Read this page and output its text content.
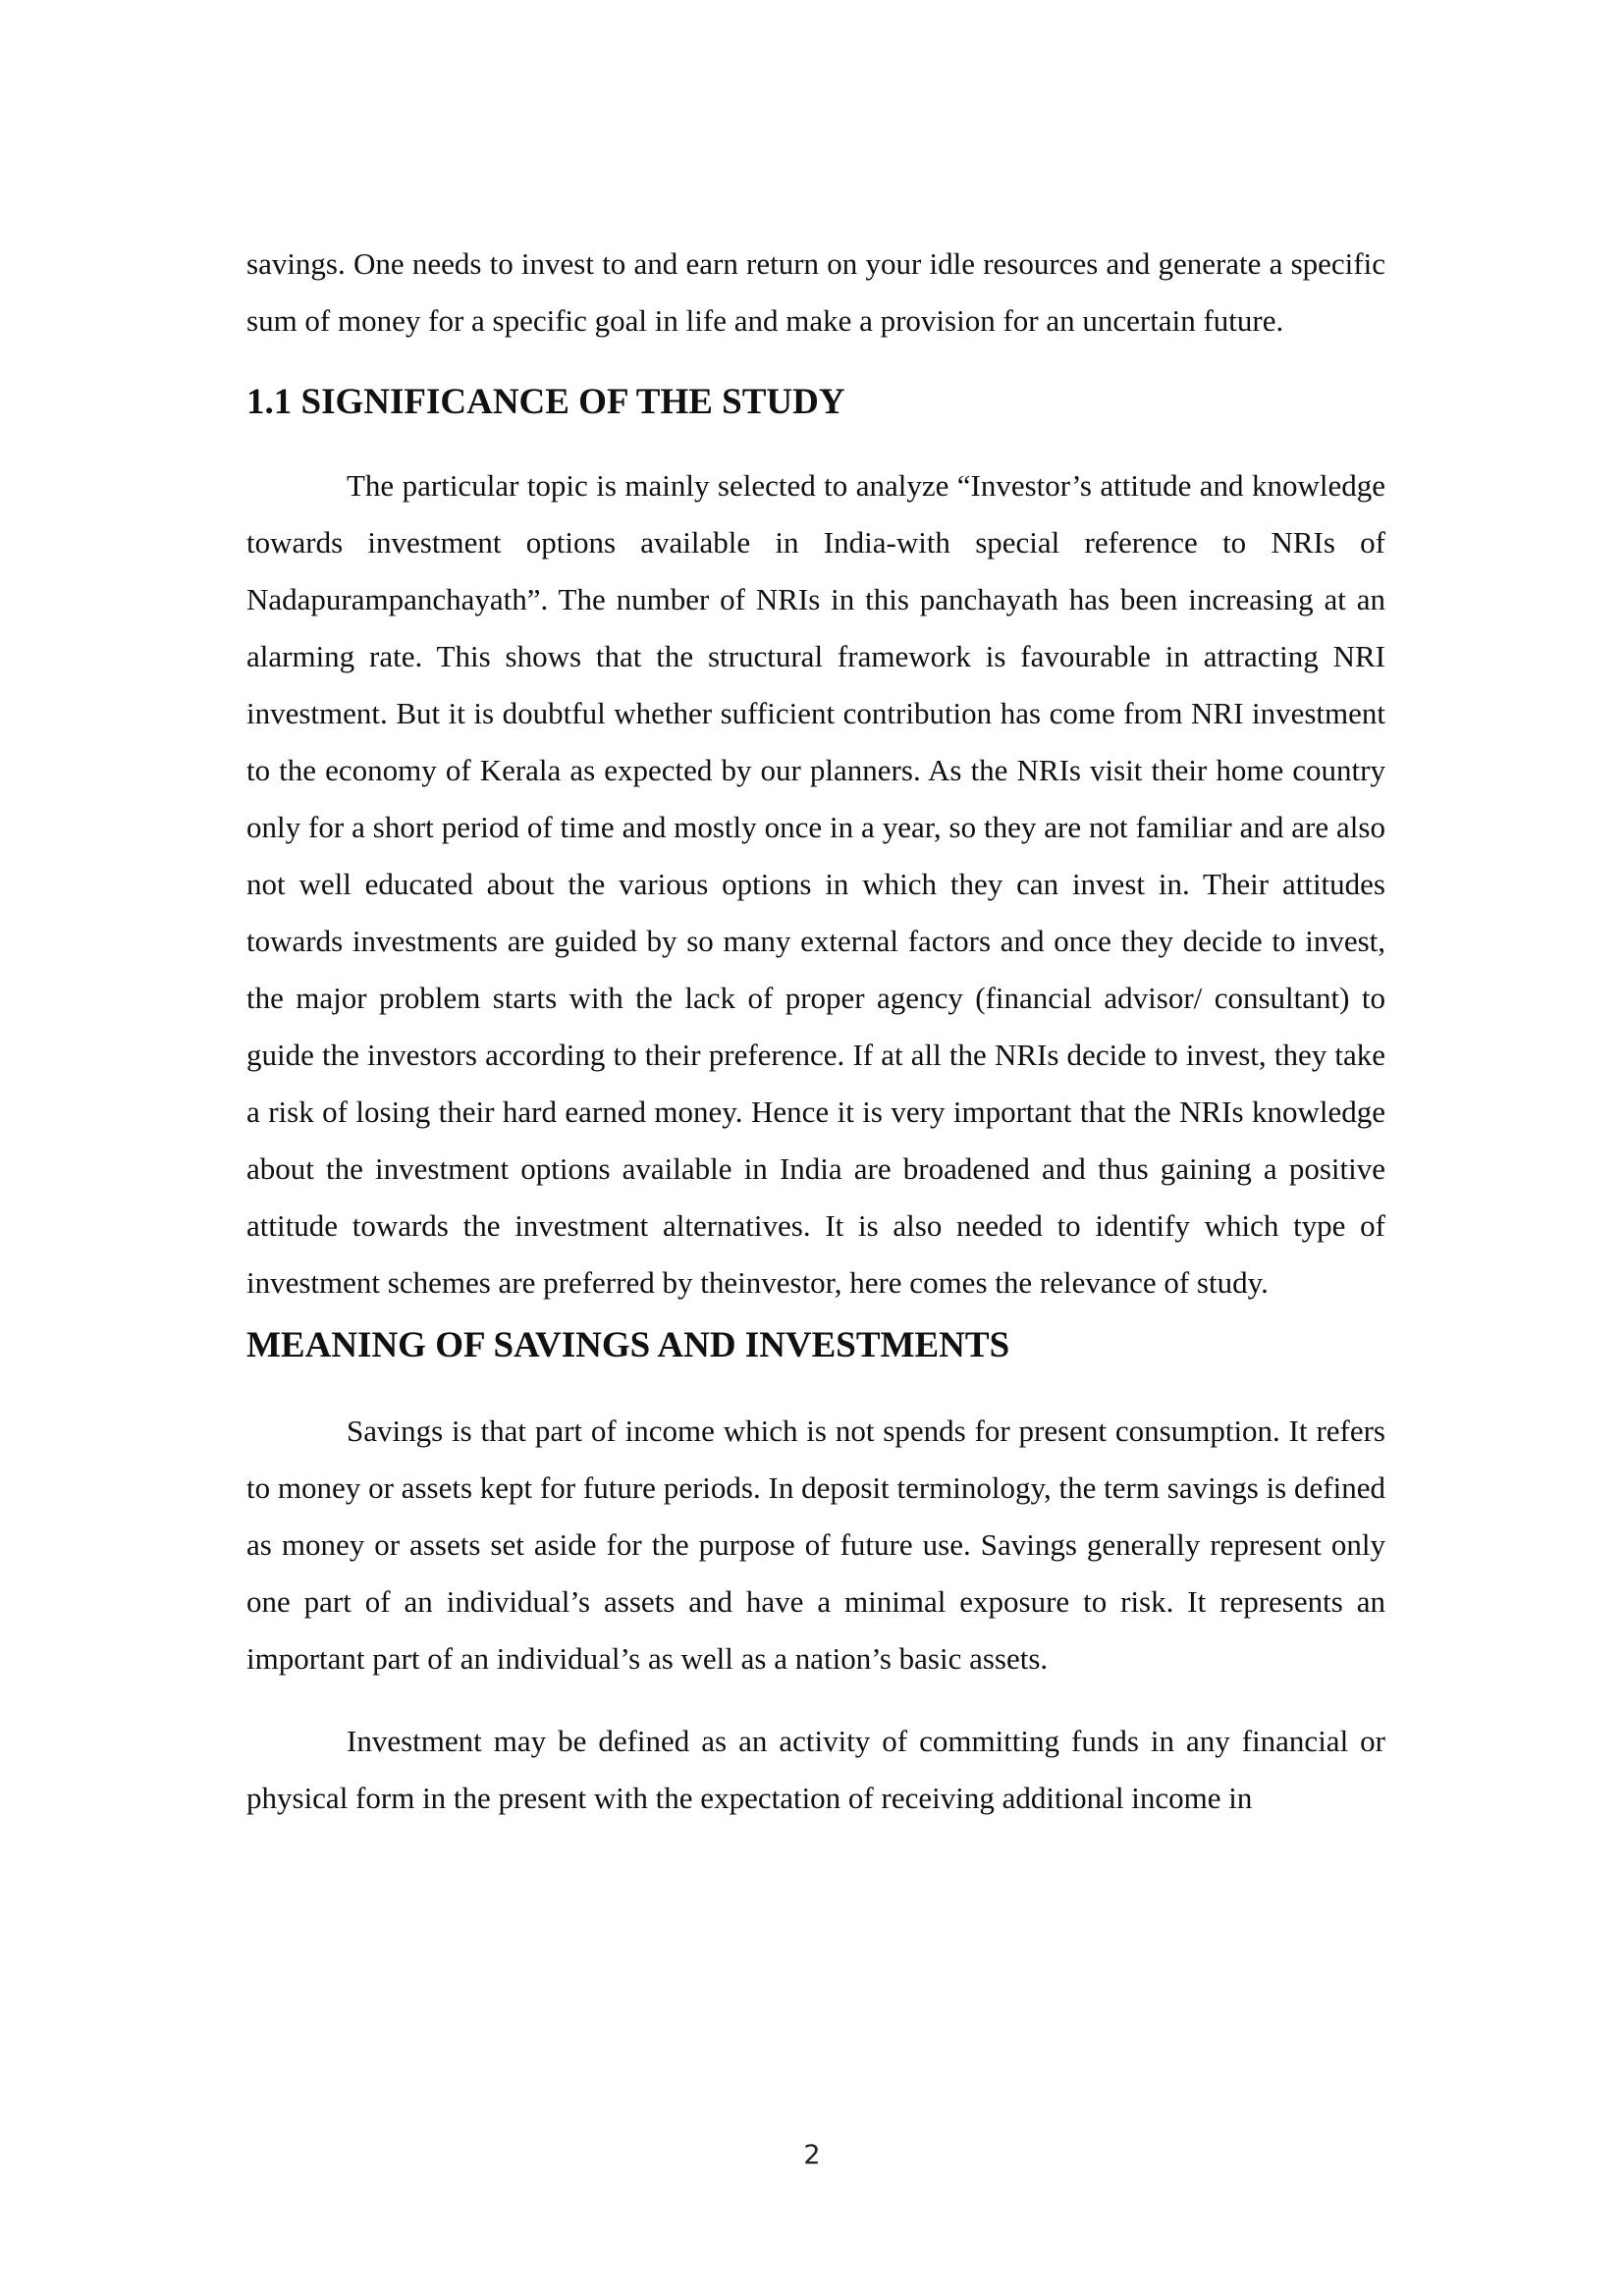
savings. One needs to invest to and earn return on your idle resources and generate a specific sum of money for a specific goal in life and make a provision for an uncertain future.

1.1 SIGNIFICANCE OF THE STUDY

The particular topic is mainly selected to analyze “Investor’s attitude and knowledge towards investment options available in India-with special reference to NRIs of Nadapurampanchayath”. The number of NRIs in this panchayath has been increasing at an alarming rate. This shows that the structural framework is favourable in attracting NRI investment. But it is doubtful whether sufficient contribution has come from NRI investment to the economy of Kerala as expected by our planners. As the NRIs visit their home country only for a short period of time and mostly once in a year, so they are not familiar and are also not well educated about the various options in which they can invest in. Their attitudes towards investments are guided by so many external factors and once they decide to invest, the major problem starts with the lack of proper agency (financial advisor/ consultant) to guide the investors according to their preference. If at all the NRIs decide to invest, they take a risk of losing their hard earned money. Hence it is very important that the NRIs knowledge about the investment options available in India are broadened and thus gaining a positive attitude towards the investment alternatives. It is also needed to identify which type of investment schemes are preferred by theinvestor, here comes the relevance of study.

MEANING OF SAVINGS AND INVESTMENTS

Savings is that part of income which is not spends for present consumption. It refers to money or assets kept for future periods. In deposit terminology, the term savings is defined as money or assets set aside for the purpose of future use. Savings generally represent only one part of an individual’s assets and have a minimal exposure to risk. It represents an important part of an individual’s as well as a nation’s basic assets.

Investment may be defined as an activity of committing funds in any financial or physical form in the present with the expectation of receiving additional income in

2
